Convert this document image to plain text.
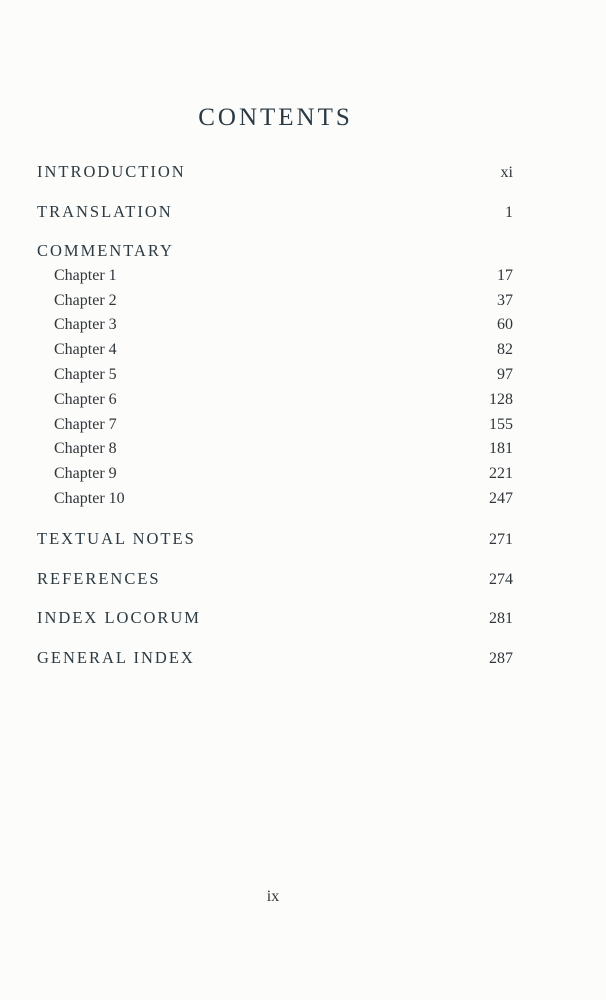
CONTENTS
INTRODUCTION	xi
TRANSLATION	1
COMMENTARY
Chapter 1	17
Chapter 2	37
Chapter 3	60
Chapter 4	82
Chapter 5	97
Chapter 6	128
Chapter 7	155
Chapter 8	181
Chapter 9	221
Chapter 10	247
TEXTUAL NOTES	271
REFERENCES	274
INDEX LOCORUM	281
GENERAL INDEX	287
ix
